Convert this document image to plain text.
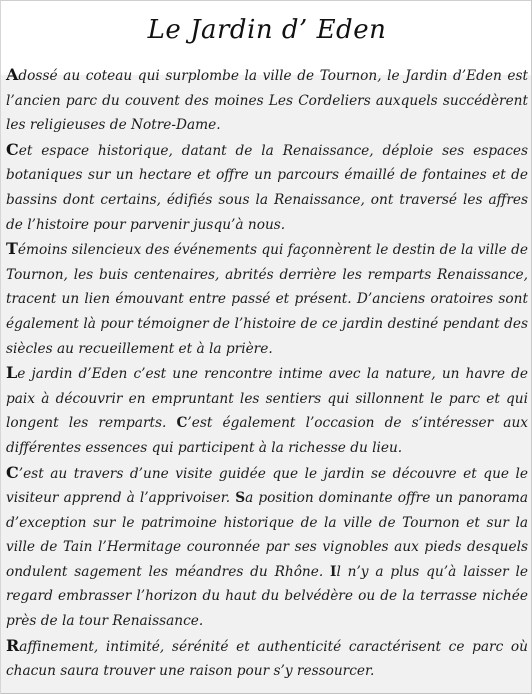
Le Jardin d’ Eden

Adossé au coteau qui surplombe la ville de Tournon, le Jardin d’Eden est l’ancien parc du couvent des moines Les Cordeliers auxquels succédèrent les religieuses de Notre-Dame.

Cet espace historique, datant de la Renaissance, déploie ses espaces botaniques sur un hectare et offre un parcours émaillé de fontaines et de bassins dont certains, édifiés sous la Renaissance, ont traversé les affres de l’histoire pour parvenir jusqu’à nous.

Témoins silencieux des événements qui façonnèrent le destin de la ville de Tournon, les buis centenaires, abrités derrière les remparts Renaissance, tracent un lien émouvant entre passé et présent. D’anciens oratoires sont également là pour témoigner de l’histoire de ce jardin destiné pendant des siècles au recueillement et à la prière.

Le jardin d’Eden c’est une rencontre intime avec la nature, un havre de paix à découvrir en empruntant les sentiers qui sillonnent le parc et qui longent les remparts. C’est également l’occasion de s’intéresser aux différentes essences qui participent à la richesse du lieu.

C’est au travers d’une visite guidée que le jardin se découvre et que le visiteur apprend à l’apprivoiser. Sa position dominante offre un panorama d’exception sur le patrimoine historique de la ville de Tournon et sur la ville de Tain l’Hermitage couronnée par ses vignobles aux pieds desquels ondulent sagement les méandres du Rhône. Il n’y a plus qu’à laisser le regard embrasser l’horizon du haut du belvédère ou de la terrasse nichée près de la tour Renaissance.

Raffinement, intimité, sérénité et authenticité caractérisent ce parc où chacun saura trouver une raison pour s’y ressourcer.
